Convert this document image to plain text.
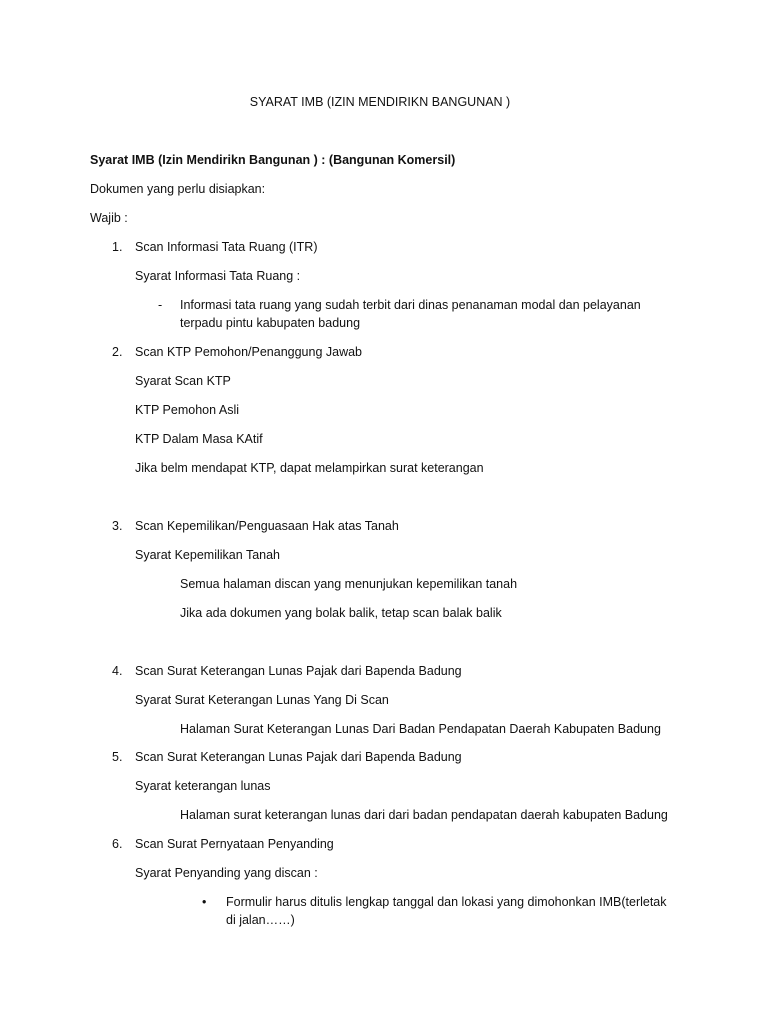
SYARAT IMB (IZIN MENDIRIKN BANGUNAN )
Syarat IMB (Izin Mendirikn Bangunan ) : (Bangunan Komersil)
Dokumen yang perlu disiapkan:
Wajib :
1. Scan Informasi Tata Ruang (ITR)
Syarat Informasi Tata Ruang :
- Informasi tata ruang yang sudah terbit dari dinas penanaman modal dan pelayanan
terpadu pintu kabupaten badung
2. Scan KTP Pemohon/Penanggung Jawab
Syarat Scan KTP
KTP Pemohon Asli
KTP Dalam Masa KAtif
Jika belm mendapat KTP, dapat melampirkan surat keterangan
3. Scan Kepemilikan/Penguasaan Hak atas Tanah
Syarat Kepemilikan Tanah
Semua halaman discan yang menunjukan kepemilikan tanah
Jika ada dokumen yang bolak balik, tetap scan balak balik
4. Scan Surat Keterangan Lunas Pajak dari Bapenda Badung
Syarat Surat Keterangan Lunas Yang Di Scan
Halaman Surat Keterangan Lunas Dari Badan Pendapatan Daerah Kabupaten Badung
5. Scan Surat Keterangan Lunas Pajak dari Bapenda Badung
Syarat keterangan lunas
Halaman surat keterangan lunas dari dari badan pendapatan daerah kabupaten Badung
6. Scan Surat Pernyataan Penyanding
Syarat Penyanding yang discan :
• Formulir harus ditulis lengkap tanggal dan lokasi yang dimohonkan IMB(terletak
di jalan……)
